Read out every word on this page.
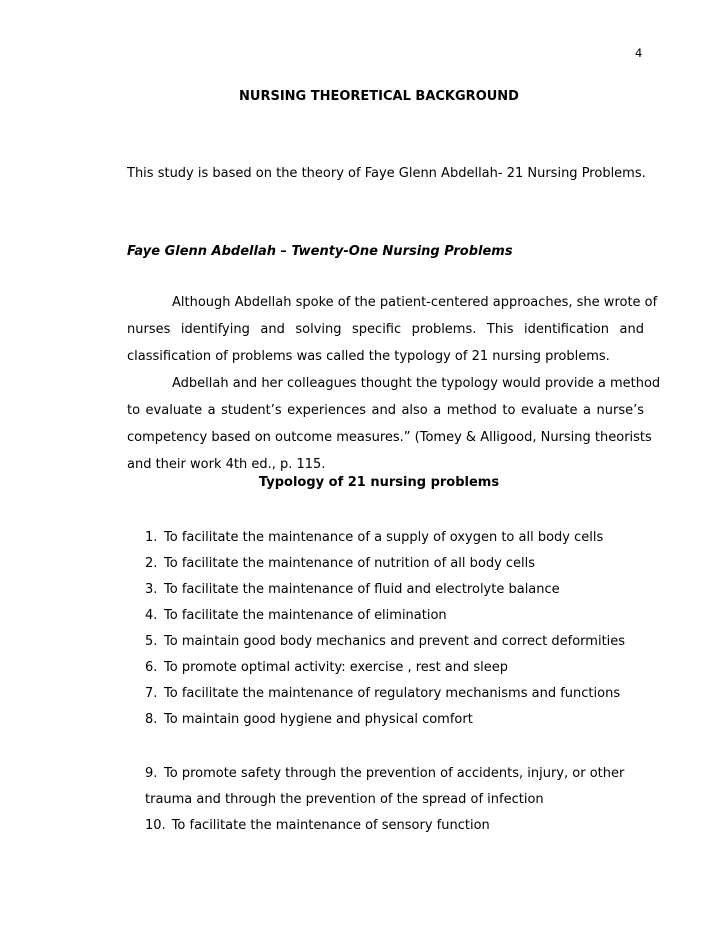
4
NURSING THEORETICAL BACKGROUND
This study is based on the theory of Faye Glenn Abdellah- 21 Nursing Problems.
Faye Glenn Abdellah – Twenty-One Nursing Problems
Although Abdellah spoke of the patient-centered approaches, she wrote of
nurses identifying and solving specific problems. This identification and
classification of problems was called the typology of 21 nursing problems.
Adbellah and her colleagues thought the typology would provide a method
to evaluate a student’s experiences and also a method to evaluate a nurse’s
competency based on outcome measures.” (Tomey & Alligood, Nursing theorists
and their work 4th ed., p. 115.
Typology of 21 nursing problems
1. To facilitate the maintenance of a supply of oxygen to all body cells
2. To facilitate the maintenance of nutrition of all body cells
3. To facilitate the maintenance of fluid and electrolyte balance
4. To facilitate the maintenance of elimination
5. To maintain good body mechanics and prevent and correct deformities
6. To promote optimal activity: exercise , rest and sleep
7. To facilitate the maintenance of regulatory mechanisms and functions
8. To maintain good hygiene and physical comfort
9. To promote safety through the prevention of accidents, injury, or other
trauma and through the prevention of the spread of infection
10. To facilitate the maintenance of sensory function
